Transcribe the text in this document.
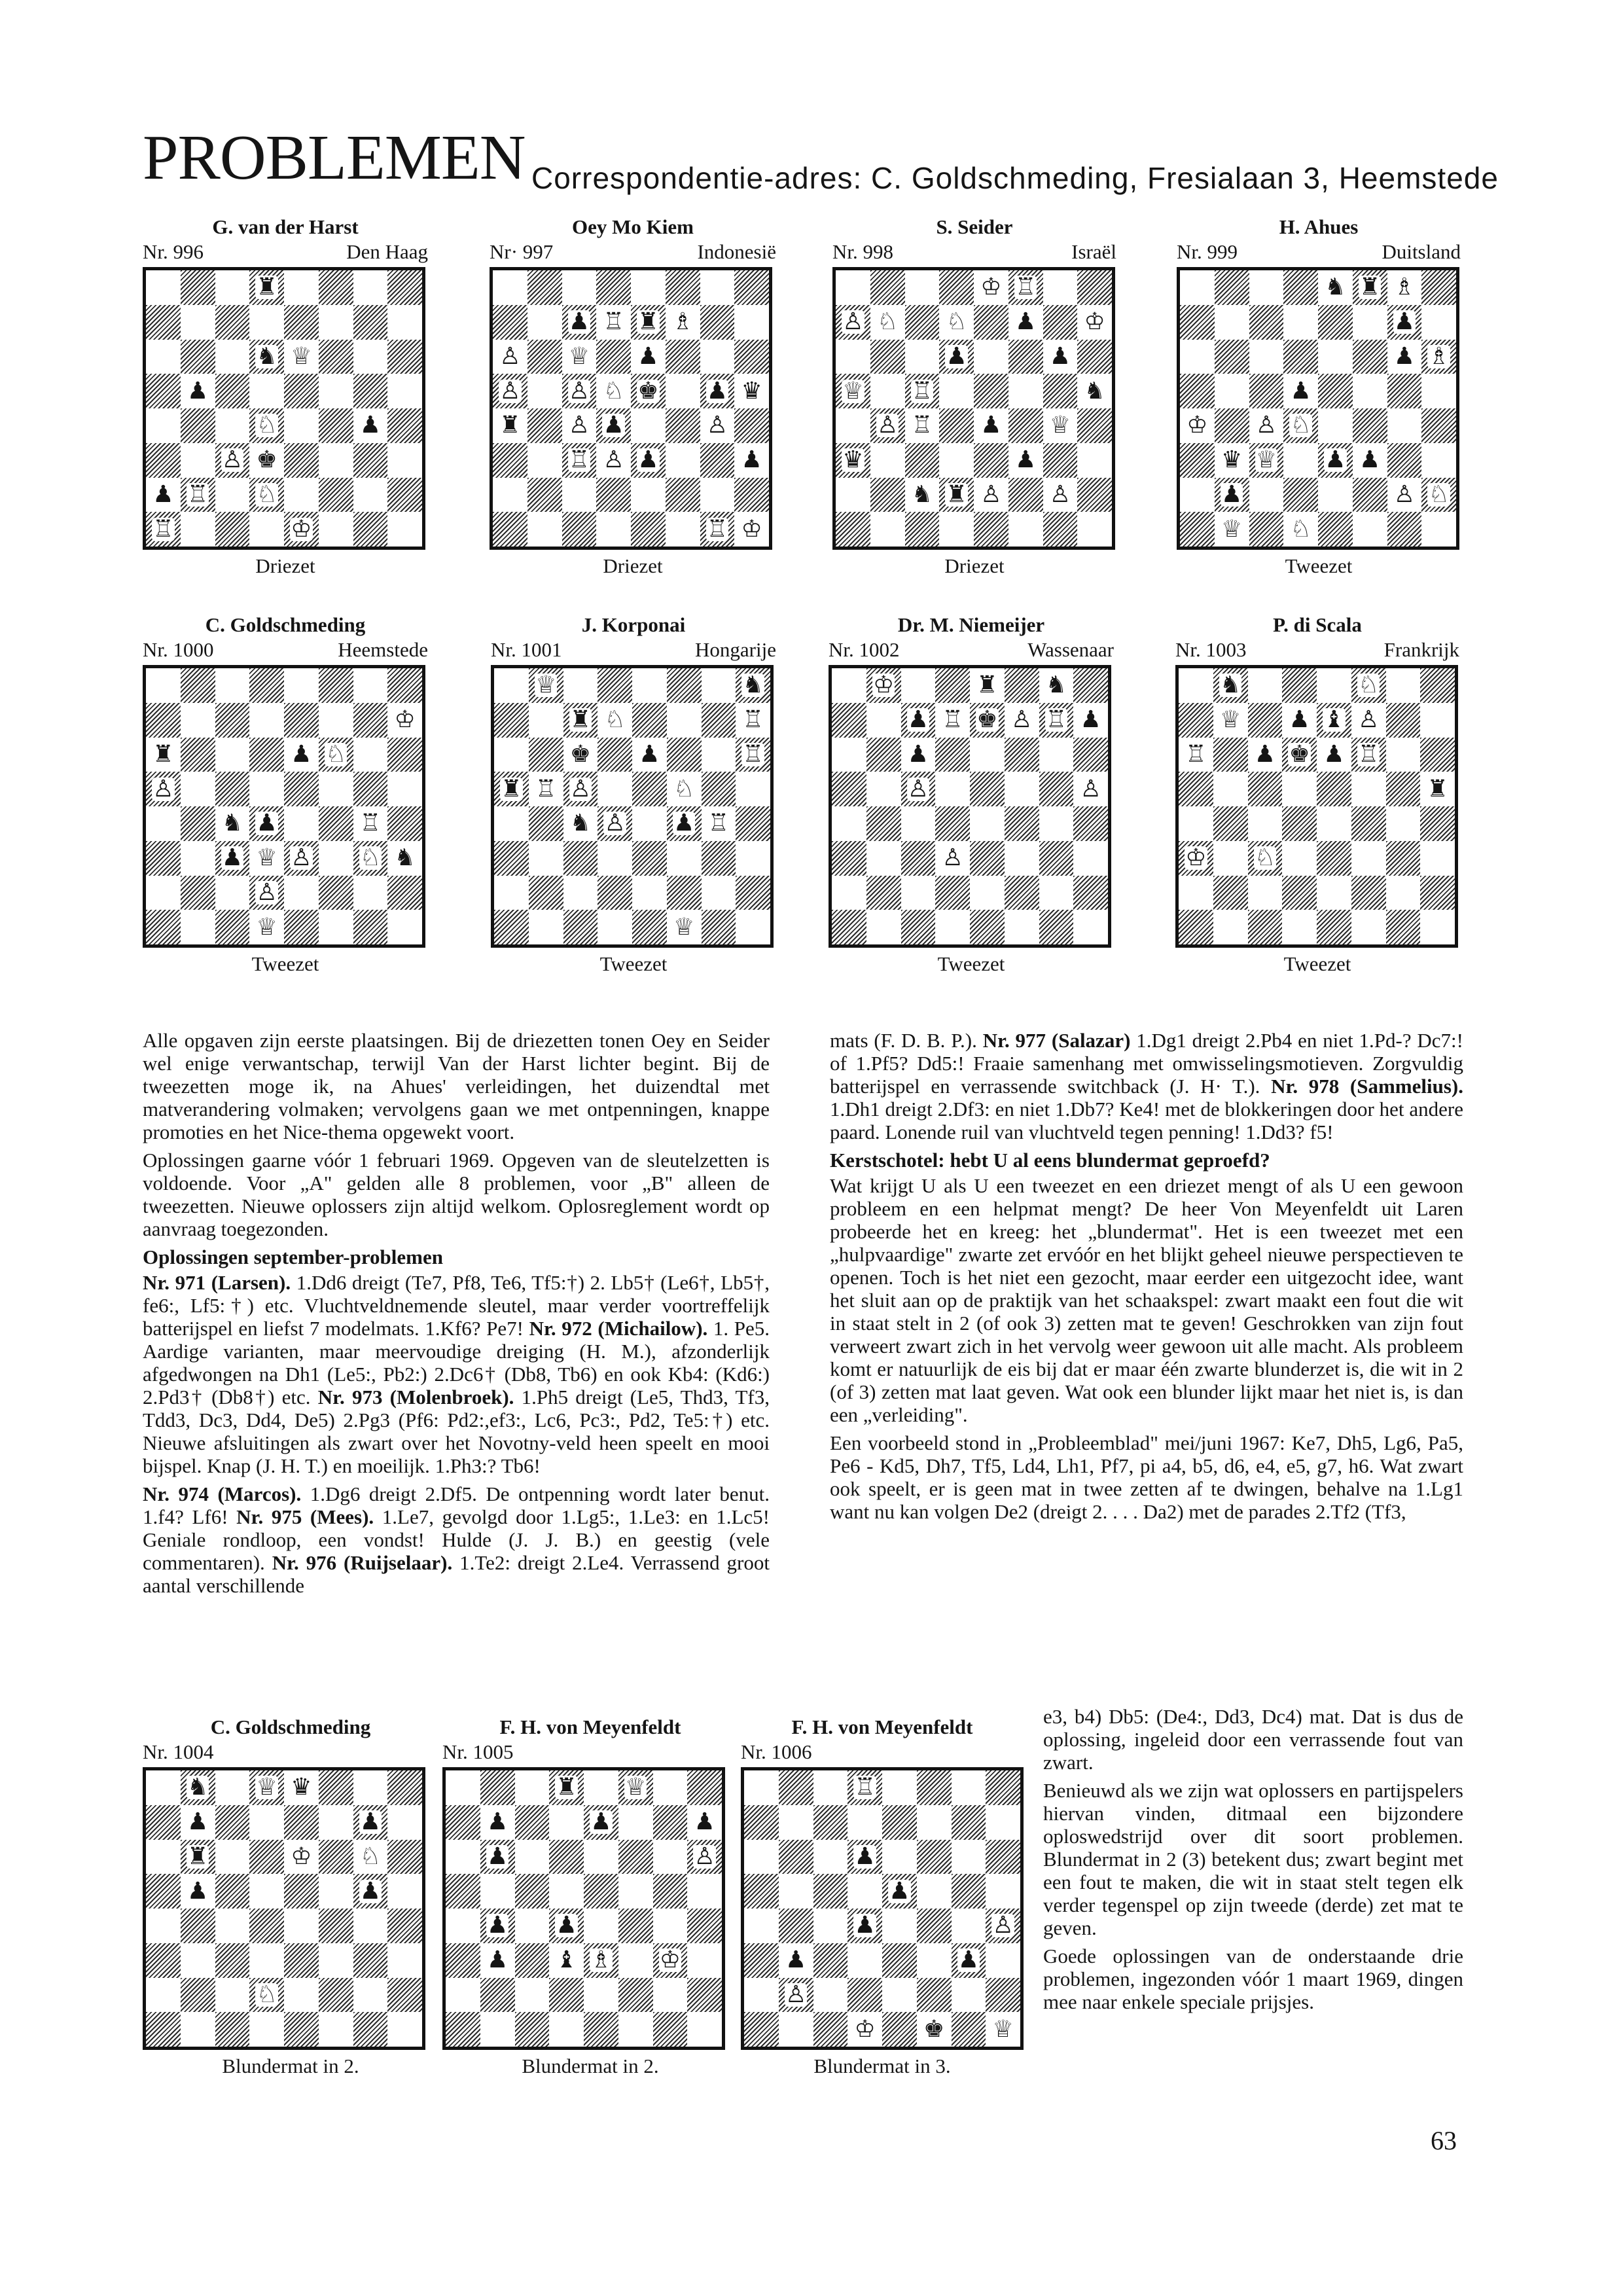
PROBLEMEN Correspondentie-adres: C. Goldschmeding, Fresialaan 3, Heemstede
G. van der Harst
Nr. 996	Den Haag
♜
♞ ♕
♟
♘	♟
♙ ♚
♟ ♖ ♘
♖	♔
Driezet
Oey Mo Kiem
Nr· 997	Indonesië
♟ ♖ ♜ ♗
♙ ♕ ♟
♙ ♙ ♘ ♚ ♟ ♛
♜ ♙ ♟	♙
♖ ♙ ♟	♟
♖ ♔
Driezet
S. Seider
Nr. 998	Israël
♔ ♖
♙ ♘ ♘ ♟ ♔
♟	♟
♕ ♖	♞
♙ ♖ ♟ ♕
♛	♟
♞ ♜ ♙ ♙
Driezet
H. Ahues
Nr. 999	Duitsland
♞ ♜ ♗
♟
♟ ♗
♟
♔ ♙ ♘
♛ ♕ ♟ ♟
♟	♙ ♘
♕ ♘
Tweezet
C. Goldschmeding
Nr. 1000	Heemstede
♔
♜	♟ ♘
♙
♞ ♟	♖
♟ ♕ ♙ ♘ ♞
♙
♕
Tweezet
J. Korponai
Nr. 1001	Hongarije
♕	♞
♜ ♘	♖
♚ ♟	♖
♜ ♖ ♙	♘
♞ ♙ ♟ ♖
♕
Tweezet
Dr. M. Niemeijer
Nr. 1002	Wassenaar
♔	♜ ♞
♟ ♖ ♚ ♙ ♖ ♟
♟
♙	♙
♙
Tweezet
P. di Scala
Nr. 1003	Frankrijk
♞	♘
♕ ♟ ♝ ♙
♖ ♟ ♚ ♟ ♖
♜
♔ ♘
Tweezet
C. Goldschmeding
Nr. 1004
♞ ♕ ♛
♟	♟
♜	♔ ♘
♟	♟
♘
Blundermat in 2.
F. H. von Meyenfeldt
Nr. 1005
♜ ♕
♟	♟	♟
♟	♙
♟ ♟
♟ ♝ ♗ ♔
Blundermat in 2.
F. H. von Meyenfeldt
Nr. 1006
♖
♟
♟
♟	♙
♟	♟
♙
♔ ♚ ♕
Blundermat in 3.

Alle opgaven zijn eerste plaatsingen. Bij de driezetten tonen Oey en Seider wel enige verwantschap, terwijl Van der Harst lichter begint. Bij de tweezetten moge ik, na Ahues' verleidingen, het duizendtal met matverandering volmaken; vervolgens gaan we met ontpenningen, knappe promoties en het Nice-thema opgewekt voort.

Oplossingen gaarne vóór 1 februari 1969. Opgeven van de sleutelzetten is voldoende. Voor „A" gelden alle 8 problemen, voor „B" alleen de tweezetten. Nieuwe oplossers zijn altijd welkom. Oplosreglement wordt op aanvraag toegezonden.

Oplossingen september-problemen

Nr. 971 (Larsen). 1.Dd6 dreigt (Te7, Pf8, Te6, Tf5:†) 2. Lb5† (Le6†, Lb5†, fe6:, Lf5:†) etc. Vluchtveldnemende sleutel, maar verder voortreffelijk batterijspel en liefst 7 modelmats. 1.Kf6? Pe7! Nr. 972 (Michailow). 1. Pe5. Aardige varianten, maar meervoudige dreiging (H. M.), afzonderlijk afgedwongen na Dh1 (Le5:, Pb2:) 2.Dc6† (Db8, Tb6) en ook Kb4: (Kd6:) 2.Pd3† (Db8†) etc. Nr. 973 (Molenbroek). 1.Ph5 dreigt (Le5, Thd3, Tf3, Tdd3, Dc3, Dd4, De5) 2.Pg3 (Pf6: Pd2:,ef3:, Lc6, Pc3:, Pd2, Te5:†) etc. Nieuwe afsluitingen als zwart over het Novotny-veld heen speelt en mooi bijspel. Knap (J. H. T.) en moeilijk. 1.Ph3:? Tb6!

Nr. 974 (Marcos). 1.Dg6 dreigt 2.Df5. De ontpenning wordt later benut. 1.f4? Lf6! Nr. 975 (Mees). 1.Le7, gevolgd door 1.Lg5:, 1.Le3: en 1.Lc5! Geniale rondloop, een vondst! Hulde (J. J. B.) en geestig (vele commentaren). Nr. 976 (Ruijselaar). 1.Te2: dreigt 2.Le4. Verrassend groot aantal verschillende

mats (F. D. B. P.). Nr. 977 (Salazar) 1.Dg1 dreigt 2.Pb4 en niet 1.Pd-? Dc7:! of 1.Pf5? Dd5:! Fraaie samenhang met omwisselingsmotieven. Zorgvuldig batterijspel en verrassende switchback (J. H· T.). Nr. 978 (Sammelius). 1.Dh1 dreigt 2.Df3: en niet 1.Db7? Ke4! met de blokkeringen door het andere paard. Lonende ruil van vluchtveld tegen penning! 1.Dd3? f5!

Kerstschotel: hebt U al eens blundermat geproefd?

Wat krijgt U als U een tweezet en een driezet mengt of als U een gewoon probleem en een helpmat mengt? De heer Von Meyenfeldt uit Laren probeerde het en kreeg: het „blundermat". Het is een tweezet met een „hulpvaardige" zwarte zet ervóór en het blijkt geheel nieuwe perspectieven te openen. Toch is het niet een gezocht, maar eerder een uitgezocht idee, want het sluit aan op de praktijk van het schaakspel: zwart maakt een fout die wit in staat stelt in 2 (of ook 3) zetten mat te geven! Geschrokken van zijn fout verweert zwart zich in het vervolg weer gewoon uit alle macht. Als probleem komt er natuurlijk de eis bij dat er maar één zwarte blunderzet is, die wit in 2 (of 3) zetten mat laat geven. Wat ook een blunder lijkt maar het niet is, is dan een „verleiding".

Een voorbeeld stond in „Probleemblad" mei/juni 1967: Ke7, Dh5, Lg6, Pa5, Pe6 - Kd5, Dh7, Tf5, Ld4, Lh1, Pf7, pi a4, b5, d6, e4, e5, g7, h6. Wat zwart ook speelt, er is geen mat in twee zetten af te dwingen, behalve na 1.Lg1 want nu kan volgen De2 (dreigt 2. . . . Da2) met de parades 2.Tf2 (Tf3,

e3, b4) Db5: (De4:, Dd3, Dc4) mat. Dat is dus de oplossing, ingeleid door een verrassende fout van zwart.

Benieuwd als we zijn wat oplossers en partijspelers hiervan vinden, ditmaal een bijzondere oploswedstrijd over dit soort problemen. Blundermat in 2 (3) betekent dus; zwart begint met een fout te maken, die wit in staat stelt tegen elk verder tegenspel op zijn tweede (derde) zet mat te geven.

Goede oplossingen van de onderstaande drie problemen, ingezonden vóór 1 maart 1969, dingen mee naar enkele speciale prijsjes.

63
